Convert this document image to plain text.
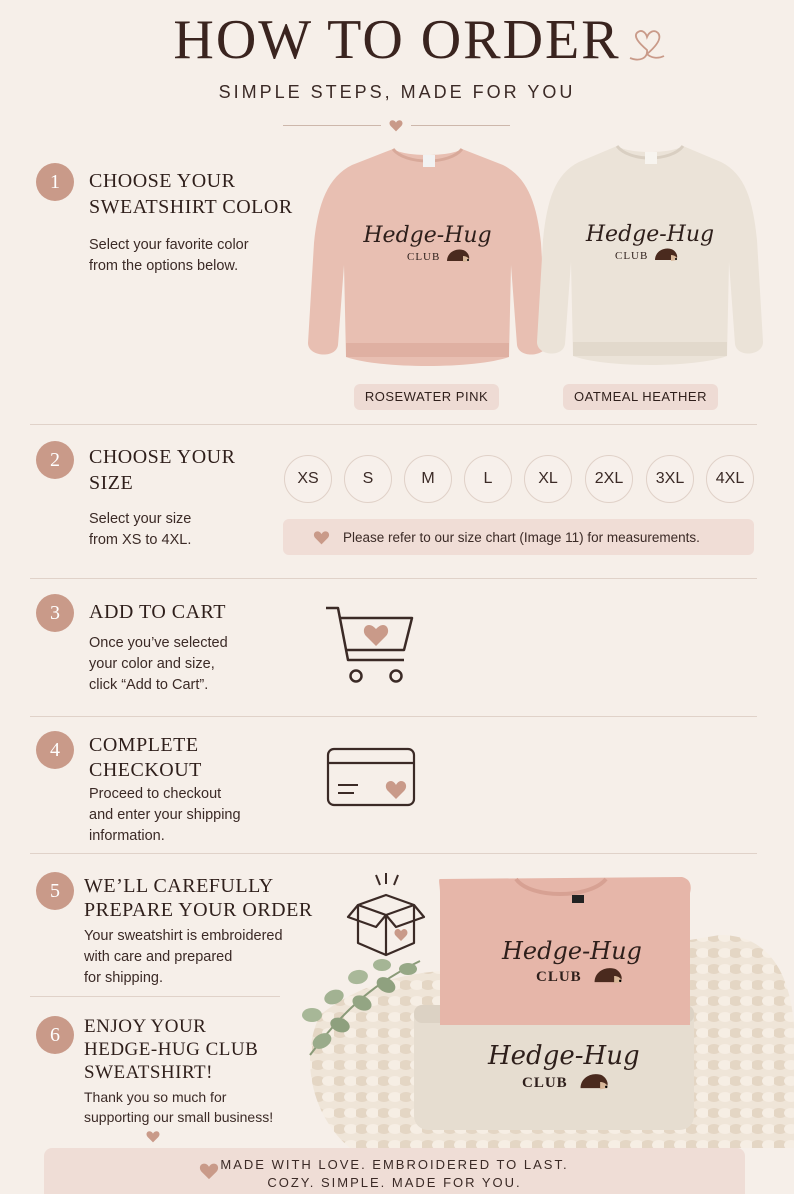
HOW TO ORDER
SIMPLE STEPS, MADE FOR YOU
1	CHOOSE YOUR
SWEATSHIRT COLOR
Select your favorite color
from the options below.
Hedge-Hug
CLUB
ROSEWATER PINK
Hedge-Hug
CLUB
OATMEAL HEATHER
2	CHOOSE YOUR
SIZE
Select your size
from XS to 4XL.
XS	S	M	L	XL	2XL	3XL	4XL
Please refer to our size chart (Image 11) for measurements.
3	ADD TO CART
Once you’ve selected
your color and size,
click “Add to Cart”.
4	COMPLETE
CHECKOUT
Proceed to checkout
and enter your shipping
information.
5	WE’LL CAREFULLY
PREPARE YOUR ORDER
Your sweatshirt is embroidered
with care and prepared
for shipping.
Hedge-Hug
CLUB
Hedge-Hug
CLUB
6	ENJOY YOUR
HEDGE-HUG CLUB
SWEATSHIRT!
Thank you so much for
supporting our small business!
MADE WITH LOVE. EMBROIDERED TO LAST.
COZY. SIMPLE. MADE FOR YOU.
